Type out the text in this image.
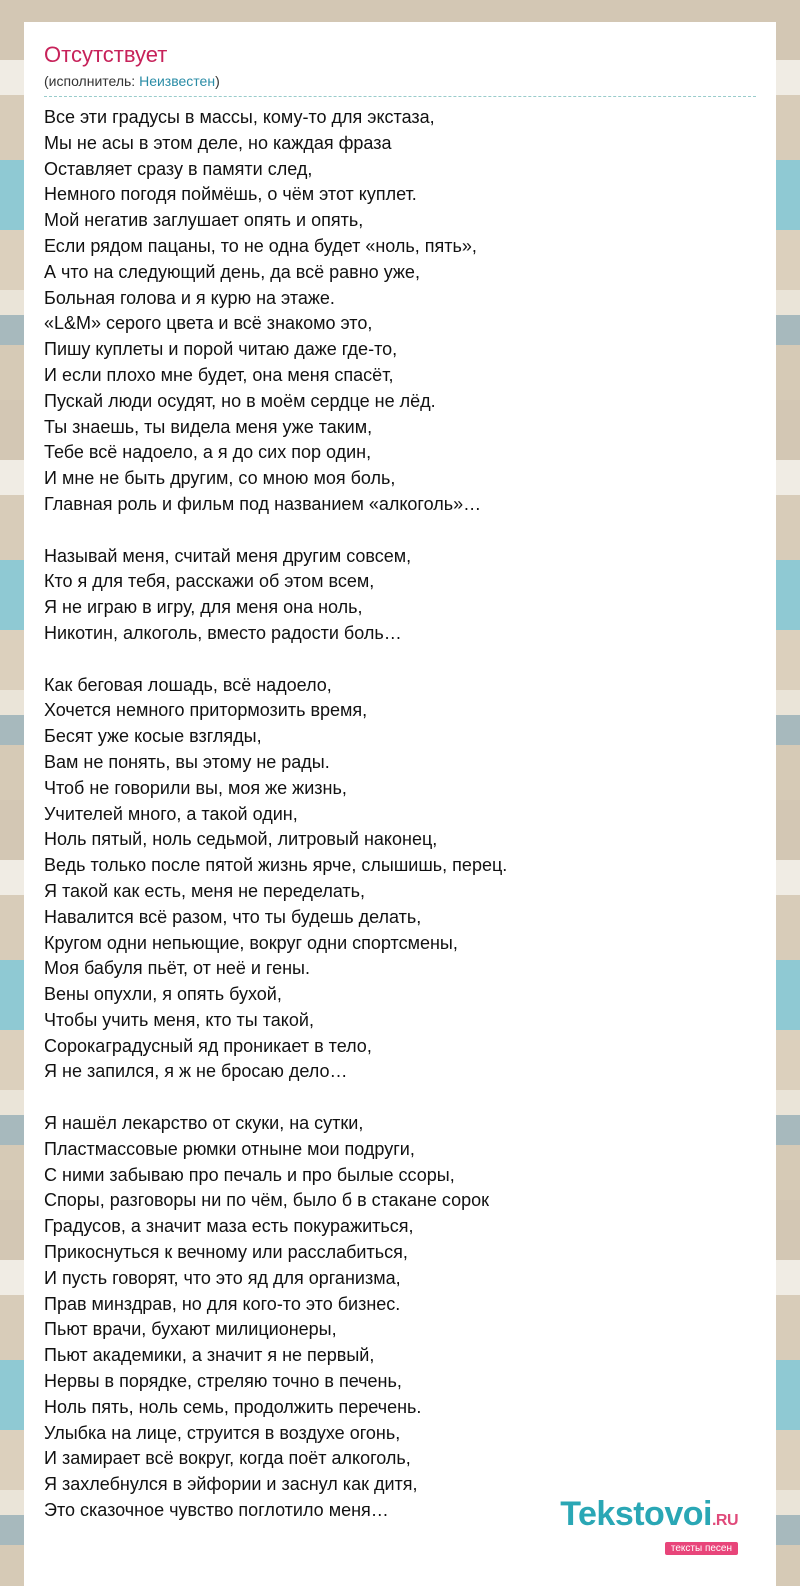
Отсутствует
(исполнитель: Неизвестен)
Все эти градусы в массы, кому-то для экстаза,
Мы не асы в этом деле, но каждая фраза
Оставляет сразу в памяти след,
Немного погодя поймёшь, о чём этот куплет.
Мой негатив заглушает опять и опять,
Если рядом пацаны, то не одна будет «ноль, пять»,
А что на следующий день, да всё равно уже,
Больная голова и я курю на этаже.
«L&M» серого цвета и всё знакомо это,
Пишу куплеты и порой читаю даже где-то,
И если плохо мне будет, она меня спасёт,
Пускай люди осудят, но в моём сердце не лёд.
Ты знаешь, ты видела меня уже таким,
Тебе всё надоело, а я до сих пор один,
И мне не быть другим, со мною моя боль,
Главная роль и фильм под названием «алкоголь»…
Называй меня, считай меня другим совсем,
Кто я для тебя, расскажи об этом всем,
Я не играю в игру, для меня она ноль,
Никотин, алкоголь, вместо радости боль…
Как беговая лошадь, всё надоело,
Хочется немного притормозить время,
Бесят уже косые взгляды,
Вам не понять, вы этому не рады.
Чтоб не говорили вы, моя же жизнь,
Учителей много, а такой один,
Ноль пятый, ноль седьмой, литровый наконец,
Ведь только после пятой жизнь ярче, слышишь, перец.
Я такой как есть, меня не переделать,
Навалится всё разом, что ты будешь делать,
Кругом одни непьющие, вокруг одни спортсмены,
Моя бабуля пьёт, от неё и гены.
Вены опухли, я опять бухой,
Чтобы учить меня, кто ты такой,
Сорокаградусный яд проникает в тело,
Я не запился, я ж не бросаю дело…
Я нашёл лекарство от скуки, на сутки,
Пластмассовые рюмки отныне мои подруги,
С ними забываю про печаль и про былые ссоры,
Споры, разговоры ни по чём, было б в стакане сорок
Градусов, а значит маза есть покуражиться,
Прикоснуться к вечному или расслабиться,
И пусть говорят, что это яд для организма,
Прав минздрав, но для кого-то это бизнес.
Пьют врачи, бухают милиционеры,
Пьют академики, а значит я не первый,
Нервы в порядке, стреляю точно в печень,
Ноль пять, ноль семь, продолжить перечень.
Улыбка на лице, струится в воздухе огонь,
И замирает всё вокруг, когда поёт алкоголь,
Я захлебнулся в эйфории и заснул как дитя,
Это сказочное чувство поглотило меня…	Tekstovoi.RU
тексты песен
